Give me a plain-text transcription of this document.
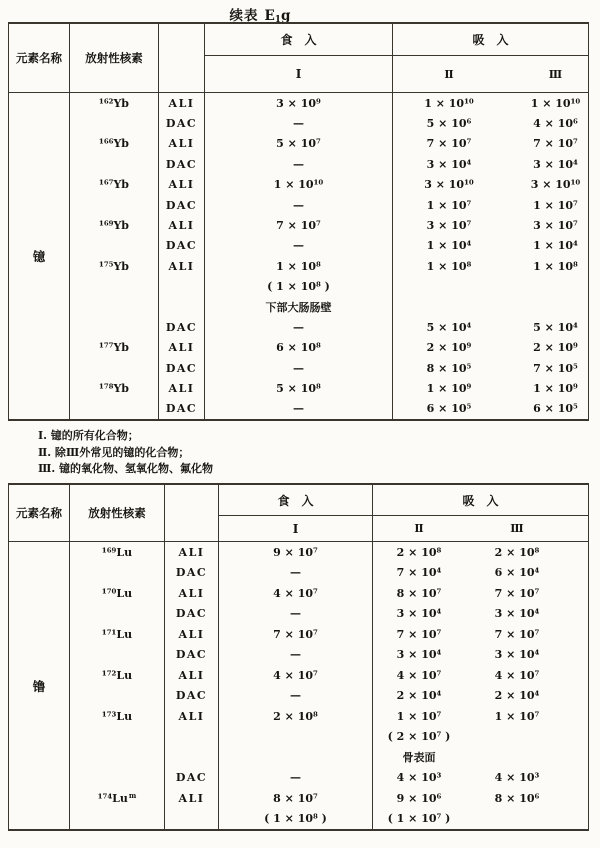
续表 E1g
元素名称	放射性核素
食　入
Ⅰ
吸　入
Ⅱ	Ⅲ
镱
¹⁶²Yb	ALI	3 × 10⁹	1 × 10¹⁰	1 × 10¹⁰
DAC	—	5 × 10⁶	4 × 10⁶
¹⁶⁶Yb	ALI	5 × 10⁷	7 × 10⁷	7 × 10⁷
DAC	—	3 × 10⁴	3 × 10⁴
¹⁶⁷Yb	ALI	1 × 10¹⁰	3 × 10¹⁰	3 × 10¹⁰
DAC	—	1 × 10⁷	1 × 10⁷
¹⁶⁹Yb	ALI	7 × 10⁷	3 × 10⁷	3 × 10⁷
DAC	—	1 × 10⁴	1 × 10⁴
¹⁷⁵Yb	ALI	1 × 10⁸	1 × 10⁸	1 × 10⁸
( 1 × 10⁸ )
下部大肠肠壁
DAC	—	5 × 10⁴	5 × 10⁴
¹⁷⁷Yb	ALI	6 × 10⁸	2 × 10⁹	2 × 10⁹
DAC	—	8 × 10⁵	7 × 10⁵
¹⁷⁸Yb	ALI	5 × 10⁸	1 × 10⁹	1 × 10⁹
DAC	—	6 × 10⁵	6 × 10⁵
Ⅰ. 镱的所有化合物；
Ⅱ. 除Ⅲ外常见的镱的化合物；
Ⅲ. 镱的氧化物、氢氧化物、氟化物
元素名称	放射性核素
食　入
Ⅰ
吸　入
Ⅱ	Ⅲ
镥
¹⁶⁹Lu	ALI	9 × 10⁷	2 × 10⁸	2 × 10⁸
DAC	—	7 × 10⁴	6 × 10⁴
¹⁷⁰Lu	ALI	4 × 10⁷	8 × 10⁷	7 × 10⁷
DAC	—	3 × 10⁴	3 × 10⁴
¹⁷¹Lu	ALI	7 × 10⁷	7 × 10⁷	7 × 10⁷
DAC	—	3 × 10⁴	3 × 10⁴
¹⁷²Lu	ALI	4 × 10⁷	4 × 10⁷	4 × 10⁷
DAC	—	2 × 10⁴	2 × 10⁴
¹⁷³Lu	ALI	2 × 10⁸	1 × 10⁷	1 × 10⁷
( 2 × 10⁷ )
骨表面
DAC	—	4 × 10³	4 × 10³
¹⁷⁴Lu m	ALI	8 × 10⁷	9 × 10⁶	8 × 10⁶
( 1 × 10⁸ )	( 1 × 10⁷ )
